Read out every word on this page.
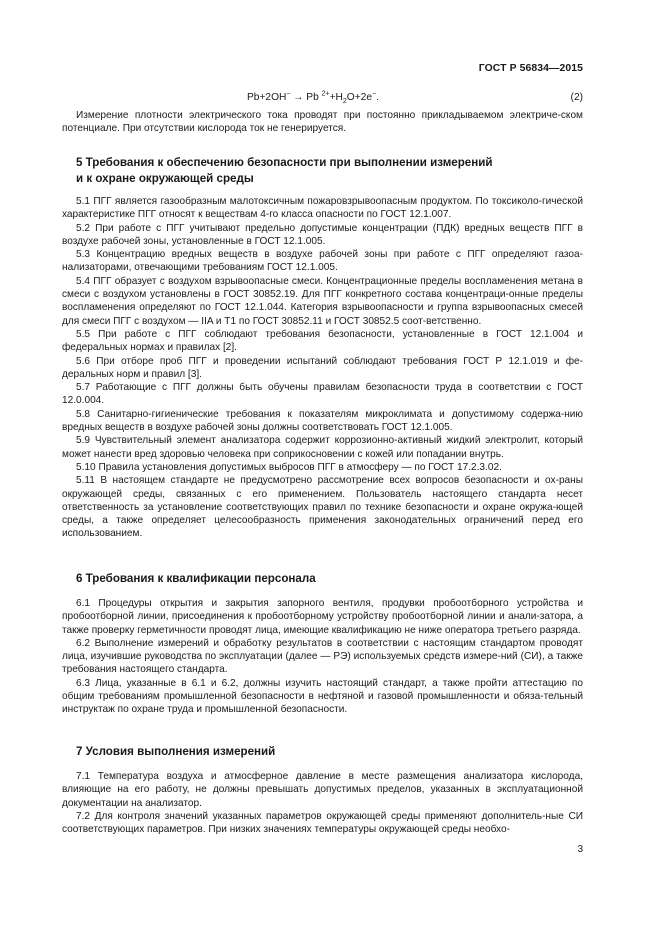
ГОСТ Р 56834—2015
Pb+2OH− → Pb $^{2+}+H_2O+2e^-$.	(2)

Измерение плотности электрического тока проводят при постоянно прикладываемом электриче-ском потенциале. При отсутствии кислорода ток не генерируется.

5 Требования к обеспечению безопасности при выполнении измерений
и к охране окружающей среды

5.1 ПГГ является газообразным малотоксичным пожаровзрывоопасным продуктом. По токсиколо-гической характеристике ПГГ относят к веществам 4-го класса опасности по ГОСТ 12.1.007.

5.2 При работе с ПГГ учитывают предельно допустимые концентрации (ПДК) вредных веществ ПГГ в воздухе рабочей зоны, установленные в ГОСТ 12.1.005.

5.3 Концентрацию вредных веществ в воздухе рабочей зоны при работе с ПГГ определяют газоа-нализаторами, отвечающими требованиям ГОСТ 12.1.005.

5.4 ПГГ образует с воздухом взрывоопасные смеси. Концентрационные пределы воспламенения метана в смеси с воздухом установлены в ГОСТ 30852.19. Для ПГГ конкретного состава концентраци-онные пределы воспламенения определяют по ГОСТ 12.1.044. Категория взрывоопасности и группа взрывоопасных смесей для смеси ПГГ с воздухом — IIA и Т1 по ГОСТ 30852.11 и ГОСТ 30852.5 соот-ветственно.

5.5 При работе с ПГГ соблюдают требования безопасности, установленные в ГОСТ 12.1.004 и федеральных нормах и правилах [2].

5.6 При отборе проб ПГГ и проведении испытаний соблюдают требования ГОСТ Р 12.1.019 и фе-деральных норм и правил [3].

5.7 Работающие с ПГГ должны быть обучены правилам безопасности труда в соответствии с ГОСТ 12.0.004.

5.8 Санитарно-гигиенические требования к показателям микроклимата и допустимому содержа-нию вредных веществ в воздухе рабочей зоны должны соответствовать ГОСТ 12.1.005.

5.9 Чувствительный элемент анализатора содержит коррозионно-активный жидкий электролит, который может нанести вред здоровью человека при соприкосновении с кожей или попадании внутрь.

5.10 Правила установления допустимых выбросов ПГГ в атмосферу — по ГОСТ 17.2.3.02.

5.11 В настоящем стандарте не предусмотрено рассмотрение всех вопросов безопасности и ох-раны окружающей среды, связанных с его применением. Пользователь настоящего стандарта несет ответственность за установление соответствующих правил по технике безопасности и охране окружа-ющей среды, а также определяет целесообразность применения законодательных ограничений перед его использованием.

6 Требования к квалификации персонала

6.1 Процедуры открытия и закрытия запорного вентиля, продувки пробоотборного устройства и пробоотборной линии, присоединения к пробоотборному устройству пробоотборной линии и анали-затора, а также проверку герметичности проводят лица, имеющие квалификацию не ниже оператора третьего разряда.

6.2 Выполнение измерений и обработку результатов в соответствии с настоящим стандартом проводят лица, изучившие руководства по эксплуатации (далее — РЭ) используемых средств измере-ний (СИ), а также требования настоящего стандарта.

6.3 Лица, указанные в 6.1 и 6.2, должны изучить настоящий стандарт, а также пройти аттестацию по общим требованиям промышленной безопасности в нефтяной и газовой промышленности и обяза-тельный инструктаж по охране труда и промышленной безопасности.

7 Условия выполнения измерений

7.1 Температура воздуха и атмосферное давление в месте размещения анализатора кислорода, влияющие на его работу, не должны превышать допустимых пределов, указанных в эксплуатационной документации на анализатор.

7.2 Для контроля значений указанных параметров окружающей среды применяют дополнитель-ные СИ соответствующих параметров. При низких значениях температуры окружающей среды необхо-

3
